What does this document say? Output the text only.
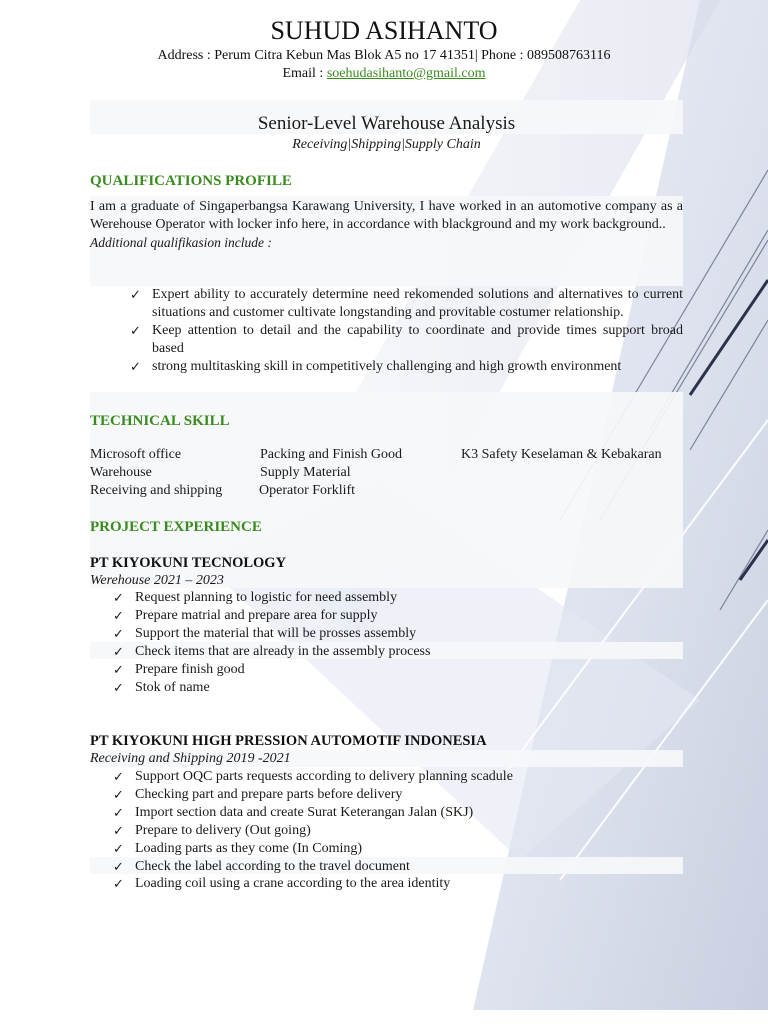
SUHUD ASIHANTO
Address : Perum Citra Kebun Mas Blok A5 no 17 41351| Phone : 089508763116
Email : soehudasihanto@gmail.com
Senior-Level Warehouse Analysis
Receiving|Shipping|Supply Chain
QUALIFICATIONS PROFILE
I am a graduate of Singaperbangsa Karawang University, I have worked in an automotive company as a Werehouse Operator with locker info here, in accordance with blackground and my work background..
Additional qualifikasion include :
✓ Expert ability to accurately determine need rekomended solutions and alternatives to current situations and customer cultivate longstanding and provitable costumer relationship.
✓ Keep attention to detail and the capability to coordinate and provide times support broad based
✓ strong multitasking skill in competitively challenging and high growth environment
TECHNICAL SKILL
Microsoft office	Packing and Finish Good	K3 Safety Keselaman & Kebakaran
Warehouse	Supply Material
Receiving and shipping	Operator Forklift
PROJECT EXPERIENCE
PT KIYOKUNI TECNOLOGY
Werehouse 2021 – 2023
✓ Request planning to logistic for need assembly
✓ Prepare matrial and prepare area for supply
✓ Support the material that will be prosses assembly
✓ Check items that are already in the assembly process
✓ Prepare finish good
✓ Stok of name
PT KIYOKUNI HIGH PRESSION AUTOMOTIF INDONESIA
Receiving and Shipping 2019 -2021
✓ Support OQC parts requests according to delivery planning scadule
✓ Checking part and prepare parts before delivery
✓ Import section data and create Surat Keterangan Jalan (SKJ)
✓ Prepare to delivery (Out going)
✓ Loading parts as they come (In Coming)
✓ Check the label according to the travel document
✓ Loading coil using a crane according to the area identity
